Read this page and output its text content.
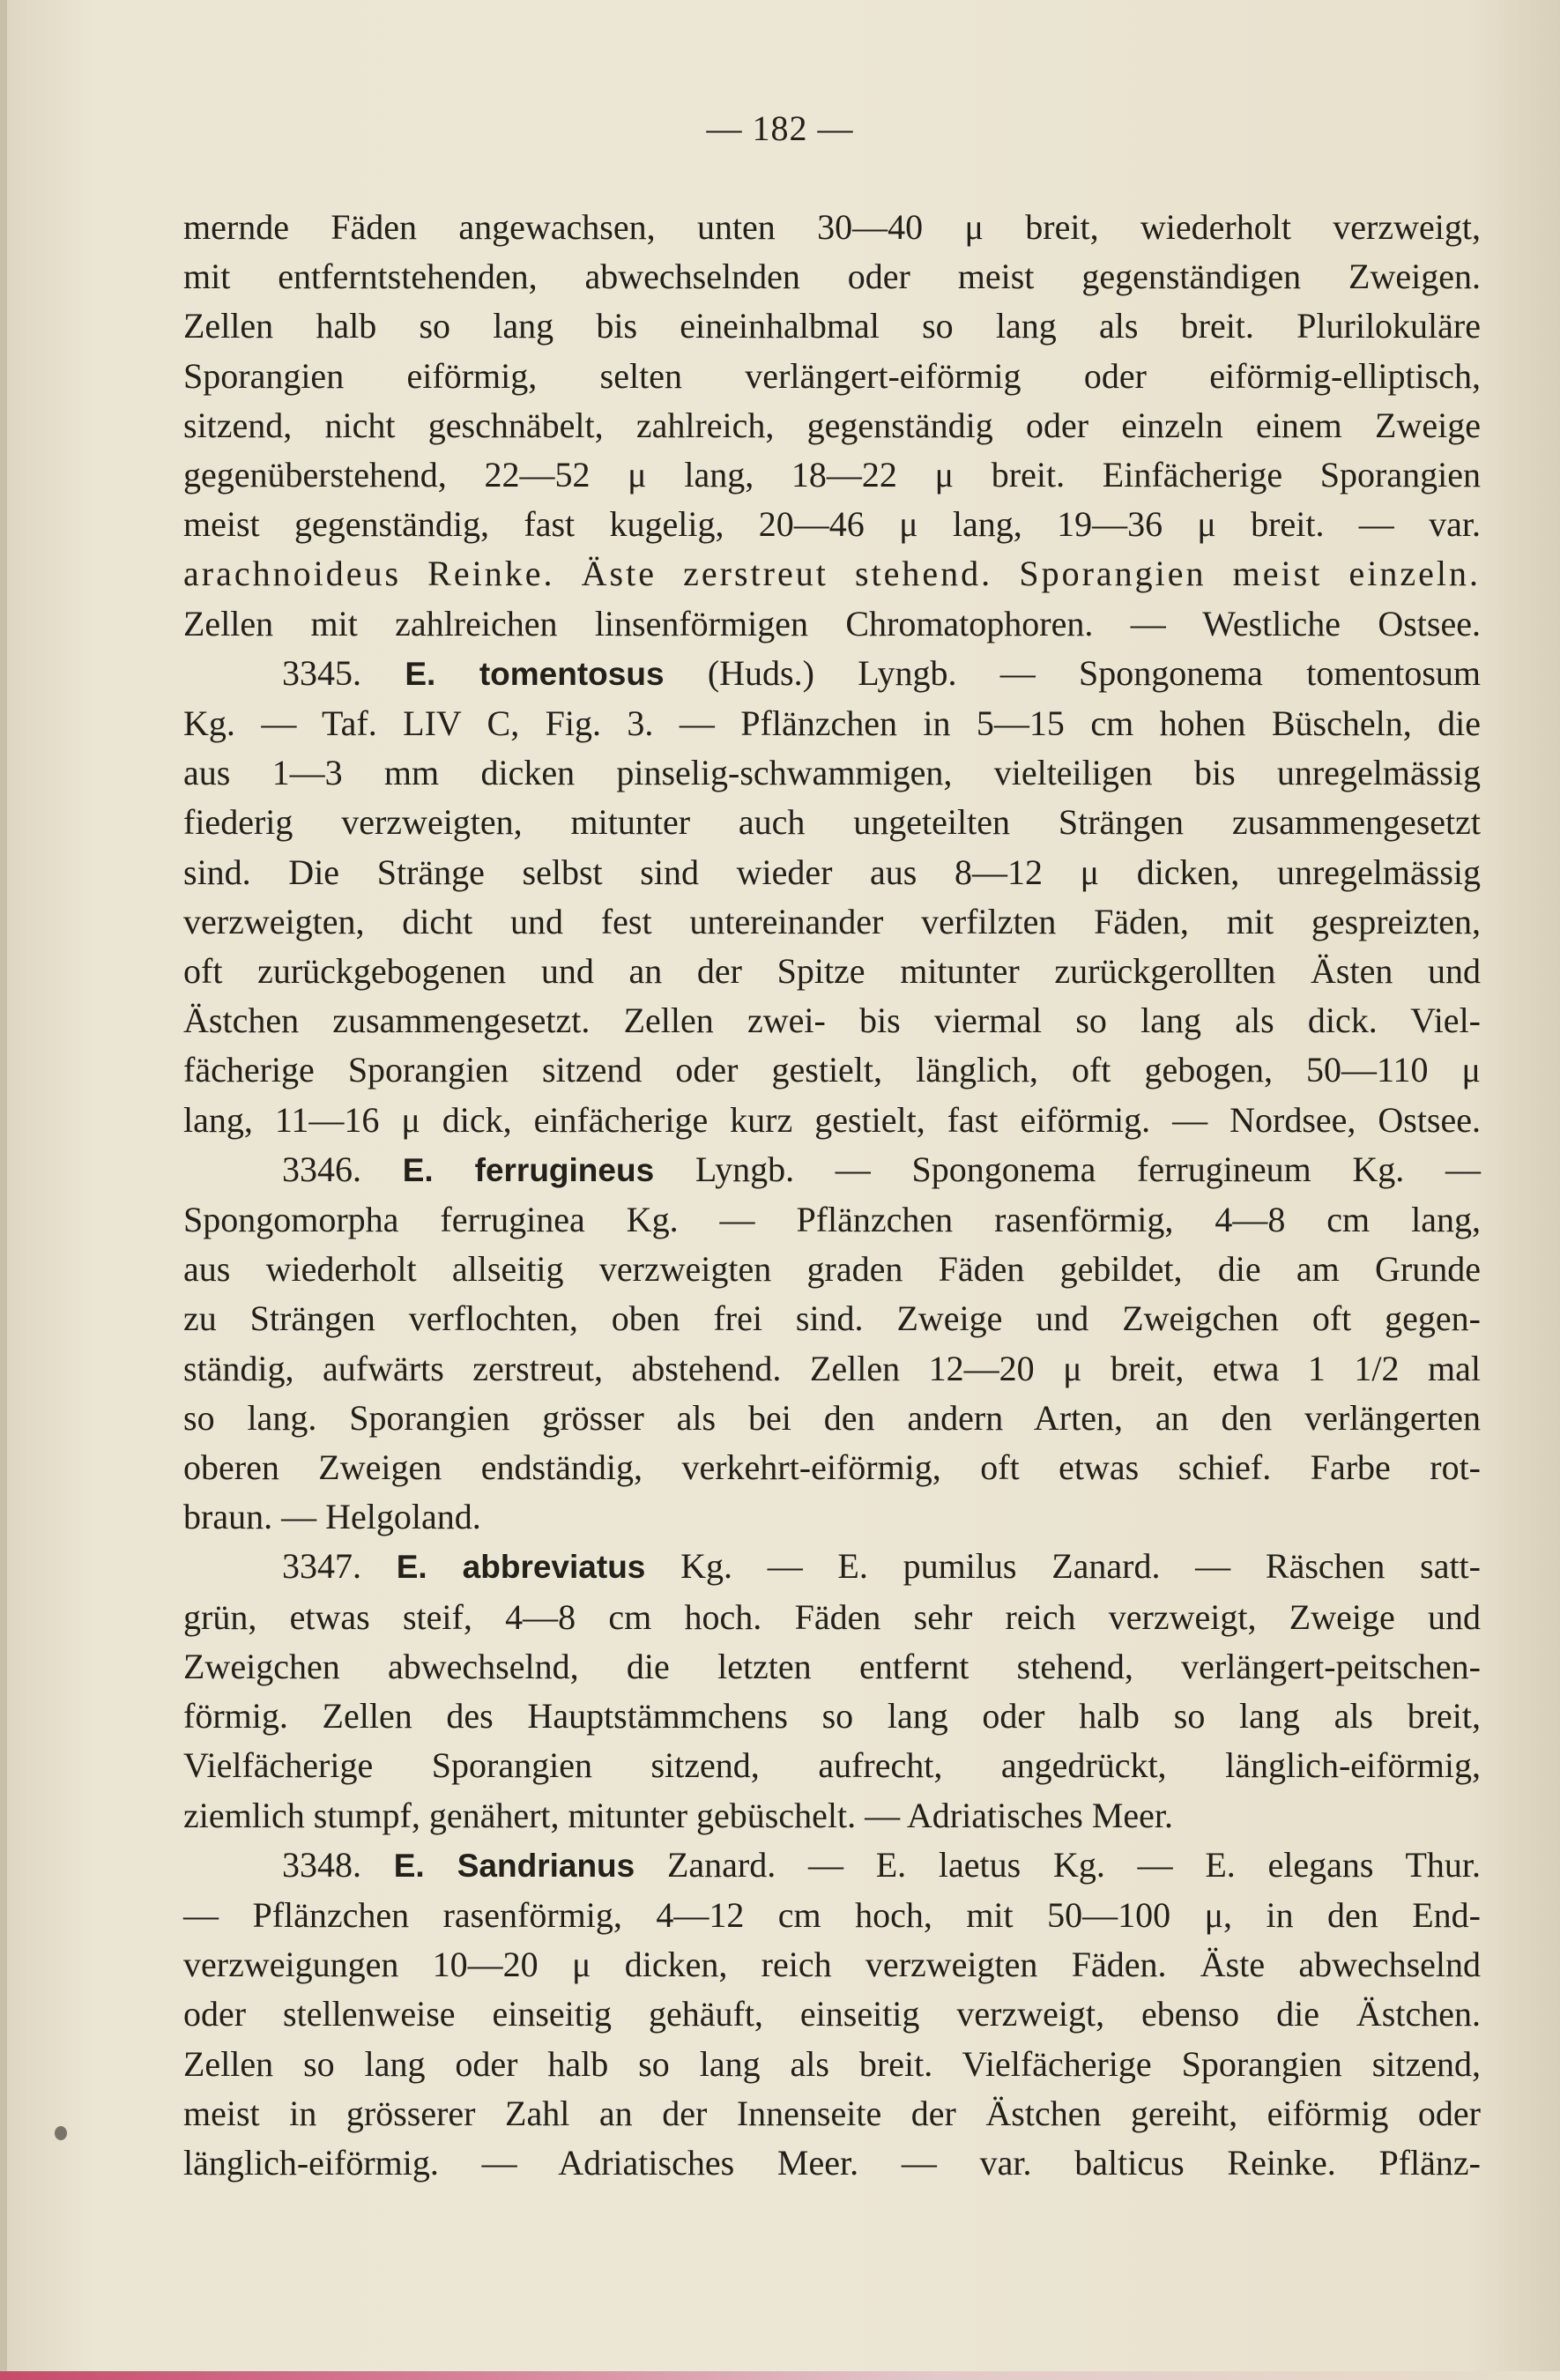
— 182 —
mernde Fäden angewachsen, unten 30—40 μ breit, wiederholt verzweigt,
mit entferntstehenden, abwechselnden oder meist gegenständigen Zweigen.
Zellen halb so lang bis eineinhalbmal so lang als breit. Plurilokuläre
Sporangien eiförmig, selten verlängert-eiförmig oder eiförmig-elliptisch,
sitzend, nicht geschnäbelt, zahlreich, gegenständig oder einzeln einem Zweige
gegenüberstehend, 22—52 μ lang, 18—22 μ breit. Einfächerige Sporangien
meist gegenständig, fast kugelig, 20—46 μ lang, 19—36 μ breit. — var.
arachnoideus Reinke. Äste zerstreut stehend. Sporangien meist einzeln.
Zellen mit zahlreichen linsenförmigen Chromatophoren. — Westliche Ostsee.
3345. E. tomentosus (Huds.) Lyngb. — Spongonema tomentosum
Kg. — Taf. LIV C, Fig. 3. — Pflänzchen in 5—15 cm hohen Büscheln, die
aus 1—3 mm dicken pinselig-schwammigen, vielteiligen bis unregelmässig
fiederig verzweigten, mitunter auch ungeteilten Strängen zusammengesetzt
sind. Die Stränge selbst sind wieder aus 8—12 μ dicken, unregelmässig
verzweigten, dicht und fest untereinander verfilzten Fäden, mit gespreizten,
oft zurückgebogenen und an der Spitze mitunter zurückgerollten Ästen und
Ästchen zusammengesetzt. Zellen zwei- bis viermal so lang als dick. Viel-
fächerige Sporangien sitzend oder gestielt, länglich, oft gebogen, 50—110 μ
lang, 11—16 μ dick, einfächerige kurz gestielt, fast eiförmig. — Nordsee, Ostsee.
3346. E. ferrugineus Lyngb. — Spongonema ferrugineum Kg. —
Spongomorpha ferruginea Kg. — Pflänzchen rasenförmig, 4—8 cm lang,
aus wiederholt allseitig verzweigten graden Fäden gebildet, die am Grunde
zu Strängen verflochten, oben frei sind. Zweige und Zweigchen oft gegen-
ständig, aufwärts zerstreut, abstehend. Zellen 12—20 μ breit, etwa 1 1/2 mal
so lang. Sporangien grösser als bei den andern Arten, an den verlängerten
oberen Zweigen endständig, verkehrt-eiförmig, oft etwas schief. Farbe rot-
braun. — Helgoland.
3347. E. abbreviatus Kg. — E. pumilus Zanard. — Räschen satt-
grün, etwas steif, 4—8 cm hoch. Fäden sehr reich verzweigt, Zweige und
Zweigchen abwechselnd, die letzten entfernt stehend, verlängert-peitschen-
förmig. Zellen des Hauptstämmchens so lang oder halb so lang als breit,
Vielfächerige Sporangien sitzend, aufrecht, angedrückt, länglich-eiförmig,
ziemlich stumpf, genähert, mitunter gebüschelt. — Adriatisches Meer.
3348. E. Sandrianus Zanard. — E. laetus Kg. — E. elegans Thur.
— Pflänzchen rasenförmig, 4—12 cm hoch, mit 50—100 μ, in den End-
verzweigungen 10—20 μ dicken, reich verzweigten Fäden. Äste abwechselnd
oder stellenweise einseitig gehäuft, einseitig verzweigt, ebenso die Ästchen.
Zellen so lang oder halb so lang als breit. Vielfächerige Sporangien sitzend,
meist in grösserer Zahl an der Innenseite der Ästchen gereiht, eiförmig oder
länglich-eiförmig. — Adriatisches Meer. — var. balticus Reinke. Pflänz-
